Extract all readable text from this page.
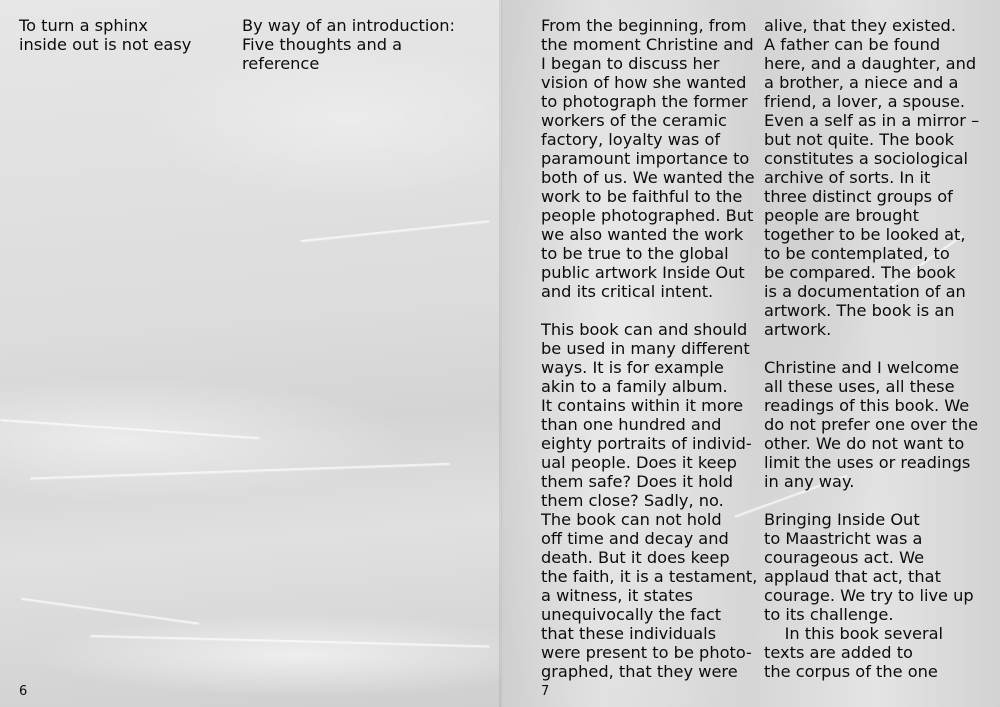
To turn a sphinx
inside out is not easy

By way of an introduction:
Five thoughts and a
reference

6

From the beginning, from
the moment Christine and
I began to discuss her
vision of how she wanted
to photograph the former
workers of the ceramic
factory, loyalty was of
paramount importance to
both of us. We wanted the
work to be faithful to the
people photographed. But
we also wanted the work
to be true to the global
public artwork Inside Out
and its critical intent.

This book can and should
be used in many different
ways. It is for example
akin to a family album.
It contains within it more
than one hundred and
eighty portraits of individ-
ual people. Does it keep
them safe? Does it hold
them close? Sadly, no.
The book can not hold
off time and decay and
death. But it does keep
the faith, it is a testament,
a witness, it states
unequivocally the fact
that these individuals
were present to be photo-
graphed, that they were

alive, that they existed.
A father can be found
here, and a daughter, and
a brother, a niece and a
friend, a lover, a spouse.
Even a self as in a mirror –
but not quite. The book
constitutes a sociological
archive of sorts. In it
three distinct groups of
people are brought
together to be looked at,
to be contemplated, to
be compared. The book
is a documentation of an
artwork. The book is an
artwork.

Christine and I welcome
all these uses, all these
readings of this book. We
do not prefer one over the
other. We do not want to
limit the uses or readings
in any way.

Bringing Inside Out
to Maastricht was a
courageous act. We
applaud that act, that
courage. We try to live up
to its challenge.
In this book several
texts are added to
the corpus of the one

7
